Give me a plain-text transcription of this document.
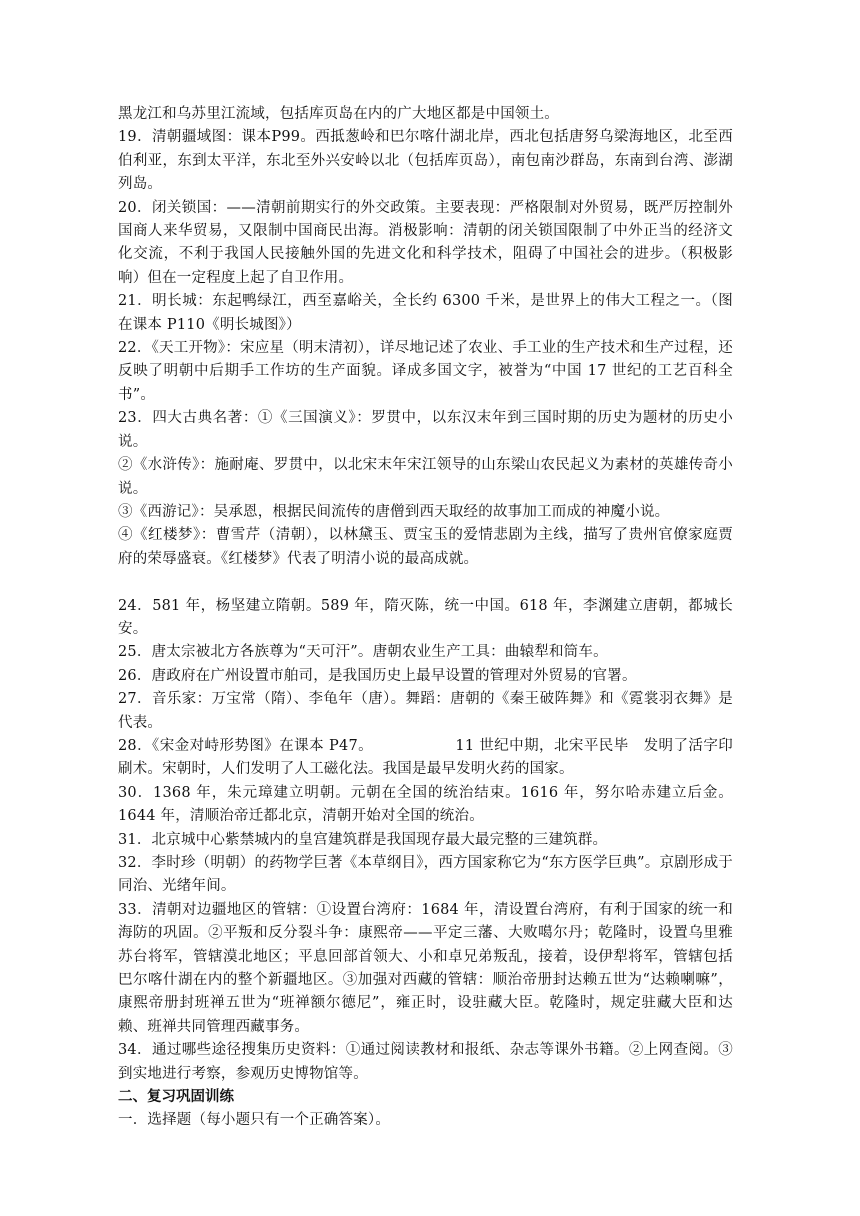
黑龙江和乌苏里江流域，包括库页岛在内的广大地区都是中国领土。

19．清朝疆域图：课本P99。西抵葱岭和巴尔喀什湖北岸，西北包括唐努乌梁海地区，北至西伯利亚，东到太平洋，东北至外兴安岭以北（包括库页岛），南包南沙群岛，东南到台湾、澎湖列岛。

20．闭关锁国：——清朝前期实行的外交政策。主要表现：严格限制对外贸易，既严厉控制外国商人来华贸易，又限制中国商民出海。消极影响：清朝的闭关锁国限制了中外正当的经济文化交流，不利于我国人民接触外国的先进文化和科学技术，阻碍了中国社会的进步。（积极影响）但在一定程度上起了自卫作用。

21．明长城：东起鸭绿江，西至嘉峪关，全长约 6300 千米，是世界上的伟大工程之一。（图在课本 P110《明长城图》）

22．《天工开物》：宋应星（明末清初），详尽地记述了农业、手工业的生产技术和生产过程，还反映了明朝中后期手工作坊的生产面貌。译成多国文字，被誉为“中国 17 世纪的工艺百科全书”。

23．四大古典名著：①《三国演义》：罗贯中，以东汉末年到三国时期的历史为题材的历史小说。

②《水浒传》：施耐庵、罗贯中，以北宋末年宋江领导的山东梁山农民起义为素材的英雄传奇小说。

③《西游记》：吴承恩，根据民间流传的唐僧到西天取经的故事加工而成的神魔小说。

④《红楼梦》：曹雪芹（清朝），以林黛玉、贾宝玉的爱情悲剧为主线，描写了贵州官僚家庭贾府的荣辱盛衰。《红楼梦》代表了明清小说的最高成就。

24．581 年，杨坚建立隋朝。589 年，隋灭陈，统一中国。618 年，李渊建立唐朝，都城长安。

25．唐太宗被北方各族尊为“天可汗”。唐朝农业生产工具：曲辕犁和筒车。

26．唐政府在广州设置市舶司，是我国历史上最早设置的管理对外贸易的官署。

27．音乐家：万宝常（隋）、李龟年（唐）。舞蹈：唐朝的《秦王破阵舞》和《霓裳羽衣舞》是代表。

28．《宋金对峙形势图》在课本 P47。　　　　　　11 世纪中期，北宋平民毕　发明了活字印刷术。宋朝时，人们发明了人工磁化法。我国是最早发明火药的国家。

30．1368 年，朱元璋建立明朝。元朝在全国的统治结束。1616 年，努尔哈赤建立后金。1644 年，清顺治帝迁都北京，清朝开始对全国的统治。

31．北京城中心紫禁城内的皇宫建筑群是我国现存最大最完整的三建筑群。

32．李时珍（明朝）的药物学巨著《本草纲目》，西方国家称它为“东方医学巨典”。京剧形成于同治、光绪年间。

33．清朝对边疆地区的管辖：①设置台湾府：1684 年，清设置台湾府，有利于国家的统一和海防的巩固。②平叛和反分裂斗争：康熙帝——平定三藩、大败噶尔丹；乾隆时，设置乌里雅苏台将军，管辖漠北地区；平息回部首领大、小和卓兄弟叛乱，接着，设伊犁将军，管辖包括巴尔喀什湖在内的整个新疆地区。③加强对西藏的管辖：顺治帝册封达赖五世为“达赖喇嘛”，康熙帝册封班禅五世为“班禅额尔德尼”，雍正时，设驻藏大臣。乾隆时，规定驻藏大臣和达赖、班禅共同管理西藏事务。

34．通过哪些途径搜集历史资料：①通过阅读教材和报纸、杂志等课外书籍。②上网查阅。③到实地进行考察，参观历史博物馆等。

二、复习巩固训练

一．选择题（每小题只有一个正确答案）。
